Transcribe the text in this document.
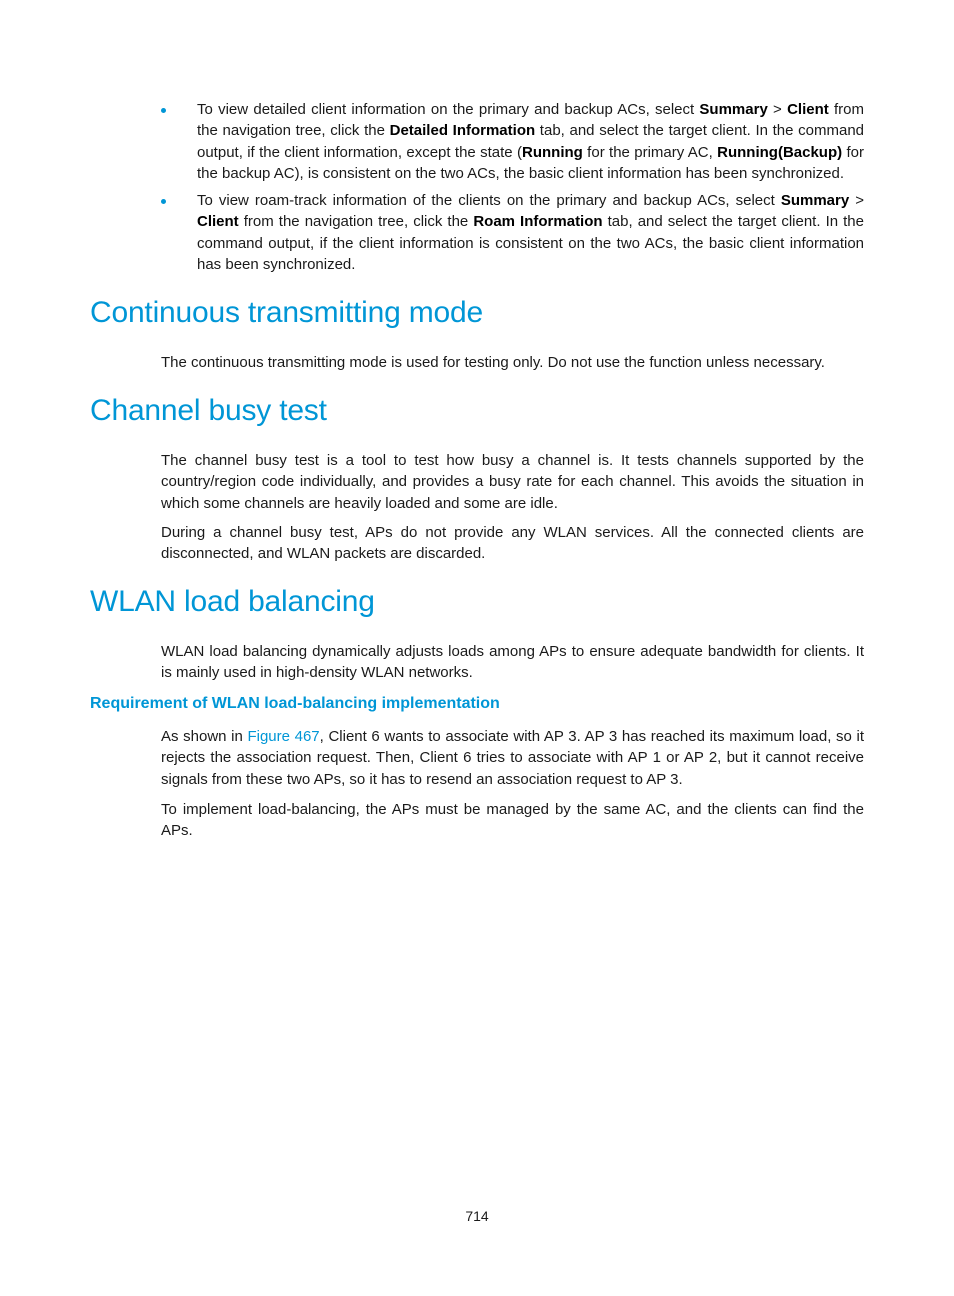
To view detailed client information on the primary and backup ACs, select Summary > Client from the navigation tree, click the Detailed Information tab, and select the target client. In the command output, if the client information, except the state (Running for the primary AC, Running(Backup) for the backup AC), is consistent on the two ACs, the basic client information has been synchronized.
To view roam-track information of the clients on the primary and backup ACs, select Summary > Client from the navigation tree, click the Roam Information tab, and select the target client. In the command output, if the client information is consistent on the two ACs, the basic client information has been synchronized.
Continuous transmitting mode

The continuous transmitting mode is used for testing only. Do not use the function unless necessary.

Channel busy test

The channel busy test is a tool to test how busy a channel is. It tests channels supported by the country/region code individually, and provides a busy rate for each channel. This avoids the situation in which some channels are heavily loaded and some are idle.

During a channel busy test, APs do not provide any WLAN services. All the connected clients are disconnected, and WLAN packets are discarded.

WLAN load balancing

WLAN load balancing dynamically adjusts loads among APs to ensure adequate bandwidth for clients. It is mainly used in high-density WLAN networks.

Requirement of WLAN load-balancing implementation

As shown in Figure 467, Client 6 wants to associate with AP 3. AP 3 has reached its maximum load, so it rejects the association request. Then, Client 6 tries to associate with AP 1 or AP 2, but it cannot receive signals from these two APs, so it has to resend an association request to AP 3.

To implement load-balancing, the APs must be managed by the same AC, and the clients can find the APs.

714
